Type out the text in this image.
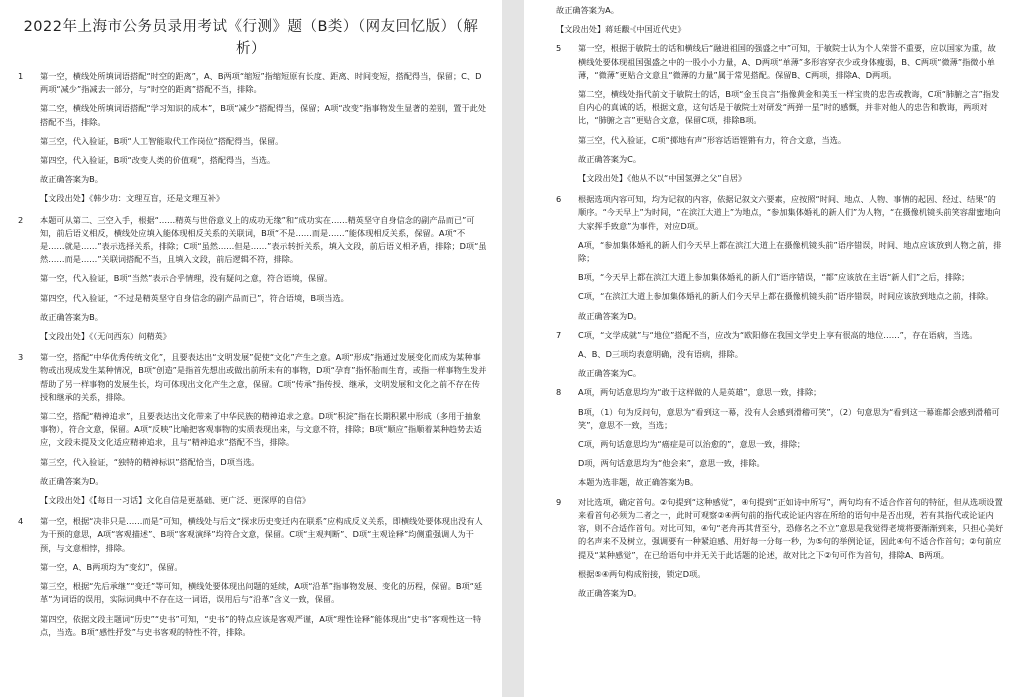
2022年上海市公务员录用考试《行测》题（B类）（网友回忆版）（解析）
1 第一空，横线处所填词语搭配“时空的距离”，A、B两项“缩短”指缩短原有长度、距离、时间变短，搭配得当，保留；C、D两项“减少”指减去一部分，与“时空的距离”搭配不当，排除。
第二空，横线处所填词语搭配“学习知识的成本”，B项“减少”搭配得当，保留；A项“改变”指事物发生显著的差别，置于此处搭配不当，排除。
第三空，代入验证，B项“人工智能取代工作岗位”搭配得当，保留。
第四空，代入验证，B项“改变人类的价值观”，搭配得当，当选。
故正确答案为B。
【文段出处】《韩少功：文理互盲，还是文理互补》
2 本题可从第二、三空入手，根据“……精英与世俗意义上的成功无缘”和“成功实在……精英坚守自身信念的副产品而已”可知，前后语义相反，横线处应填入能体现相反关系的关联词，B项“不是……而是……”能体现相反关系，保留。A项“不是……就是……”表示选择关系，排除；C项“虽然……但是……”表示转折关系，填入文段，前后语义相矛盾，排除；D项“虽然……而是……”关联词搭配不当，且填入文段，前后逻辑不符，排除。
第一空，代入验证，B项“当然”表示合乎情理，没有疑问之意，符合语境，保留。
第四空，代入验证，“不过是精英坚守自身信念的副产品而已”，符合语境，B项当选。
故正确答案为B。
【文段出处】《（无问西东）问精英》
3 第一空，搭配“中华优秀传统文化”，且要表达出“文明发展”促使“文化”产生之意。A项“形成”指通过发展变化而成为某种事物或出现成发生某种情况，B项“创造”是指首先想出或做出前所未有的事物，D项“孕育”指怀胎而生育，或指一样事物生发并帮助了另一样事物的发展生长，均可体现出文化产生之意，保留。C项“传承”指传授、继承，文明发展和文化之前不存在传授和继承的关系，排除。
第二空，搭配“精神追求”，且要表达出文化带来了中华民族的精神追求之意。D项“积淀”指在长期积累中形成（多用于抽象事物），符合文意，保留。A项“反映”比喻把客观事物的实质表现出来，与文意不符，排除；B项“顺应”指顺着某种趋势去适应，文段未提及文化适应精神追求，且与“精神追求”搭配不当，排除。
第三空，代入验证，“独特的精神标识”搭配恰当，D项当选。
故正确答案为D。
【文段出处】《【每日一习话】文化自信是更基础、更广泛、更深厚的自信》
4 第一空，根据“决非只是……而是”可知，横线处与后文“探求历史变迁内在联系”应构成反义关系，即横线处要体现出没有人为干预的意思，A项“客观描述”、B项“客观演绎”均符合文意，保留。C项“主观判断”、D项“主观诠释”均侧重强调人为干预，与文意相悖，排除。
第一空，A、B两项均为“变幻”，保留。
第三空，根据“先后承继”“变迁”等可知，横线处要体现出问题的延续，A项“沿革”指事物发展、变化的历程，保留。B项“延革”为词语的误用，实际词典中不存在这一词语，误用后与“沿革”含义一致，保留。
第四空，依据文段主题词“历史”“史书”可知，“史书”的特点应该是客观严谨，A项“理性诠释”能体现出“史书”客观性这一特点，当选。B项“感性抒发”与史书客观的特性不符，排除。
故正确答案为A。
【文段出处】蒋廷黻·《中国近代史》
5 第一空，根据于敏院士的话和横线后“融进祖国的强盛之中”可知，于敏院士认为个人荣誉不重要，应以国家为重，故横线处要体现祖国强盛之中的一股小小力量，A、D两项“单薄”多形容穿衣少或身体瘦弱，B、C两项“微薄”指微小单薄，“微薄”更贴合文意且“微薄的力量”属于常见搭配。保留B、C两项，排除A、D两项。
第二空，横线处指代前文于敏院士的话，B项“金玉良言”指像黄金和美玉一样宝贵的忠告或教诲，C项“肺腑之言”指发自内心的真诚的话，根据文意，这句话是于敏院士对研发“两弹一星”时的感慨，并非对他人的忠告和教诲，两项对比，“肺腑之言”更贴合文意，保留C项，排除B项。
第三空，代入验证，C项“掷地有声”形容话语铿锵有力，符合文意，当选。
故正确答案为C。
【文段出处】《他从不以“中国氢弹之父”自居》
6 根据选项内容可知，均为记叙的内容，依据记叙文六要素，应按照“时间、地点、人物、事情的起因、经过、结果”的顺序。“今天早上”为时间，“在滨江大道上”为地点，“参加集体婚礼的新人们”为人物，“在摄像机镜头前笑容甜蜜地向大家挥手致意”为事件，对应D项。
A项，“参加集体婚礼的新人们今天早上都在滨江大道上在摄像机镜头前”语序错误，时间、地点应该放到人物之前，排除；
B项，“今天早上都在滨江大道上参加集体婚礼的新人们”语序错误，“都”应该放在主语“新人们”之后，排除；
C项，“在滨江大道上参加集体婚礼的新人们今天早上都在摄像机镜头前”语序错误，时间应该放到地点之前，排除。
故正确答案为D。
7 C项，“文学成就”与“地位”搭配不当，应改为“欧阳修在我国文学史上享有很高的地位……”，存在语病，当选。
A、B、D三项均表意明确，没有语病，排除。
故正确答案为C。
8 A项，两句话意思均为“敢于这样做的人是英雄”，意思一致，排除；
B项，（1）句为反问句，意思为“看到这一幕，没有人会感到滑稽可笑”，（2）句意思为“看到这一幕谁都会感到滑稽可笑”，意思不一致，当选；
C项，两句话意思均为“癌症是可以治愈的”，意思一致，排除；
D项，两句话意思均为“他会来”，意思一致，排除。
本题为选非题，故正确答案为B。
9 对比选项，确定首句。②句提到“这种感觉”，④句提到“正如诗中所写”，两句均有不适合作首句的特征，但从选项设置来看首句必须为二者之一，此时可观察②④两句前的指代或论证内容在所给的语句中是否出现，若有其指代或论证内容，则不合适作首句。对比可知，④句“老舟再其背至兮，恐修名之不立”意思是我觉得老境将要渐渐到来，只担心美好的名声来不及树立，强调要有一种紧迫感、用好每一分每一秒，为⑤句的举例论证，因此④句不适合作首句；②句前应提及“某种感觉”，在已给语句中并无关于此话题的论述，故对比之下②句可作为首句，排除A、B两项。
根据⑤④两句构成衔接，锁定D项。
故正确答案为D。
